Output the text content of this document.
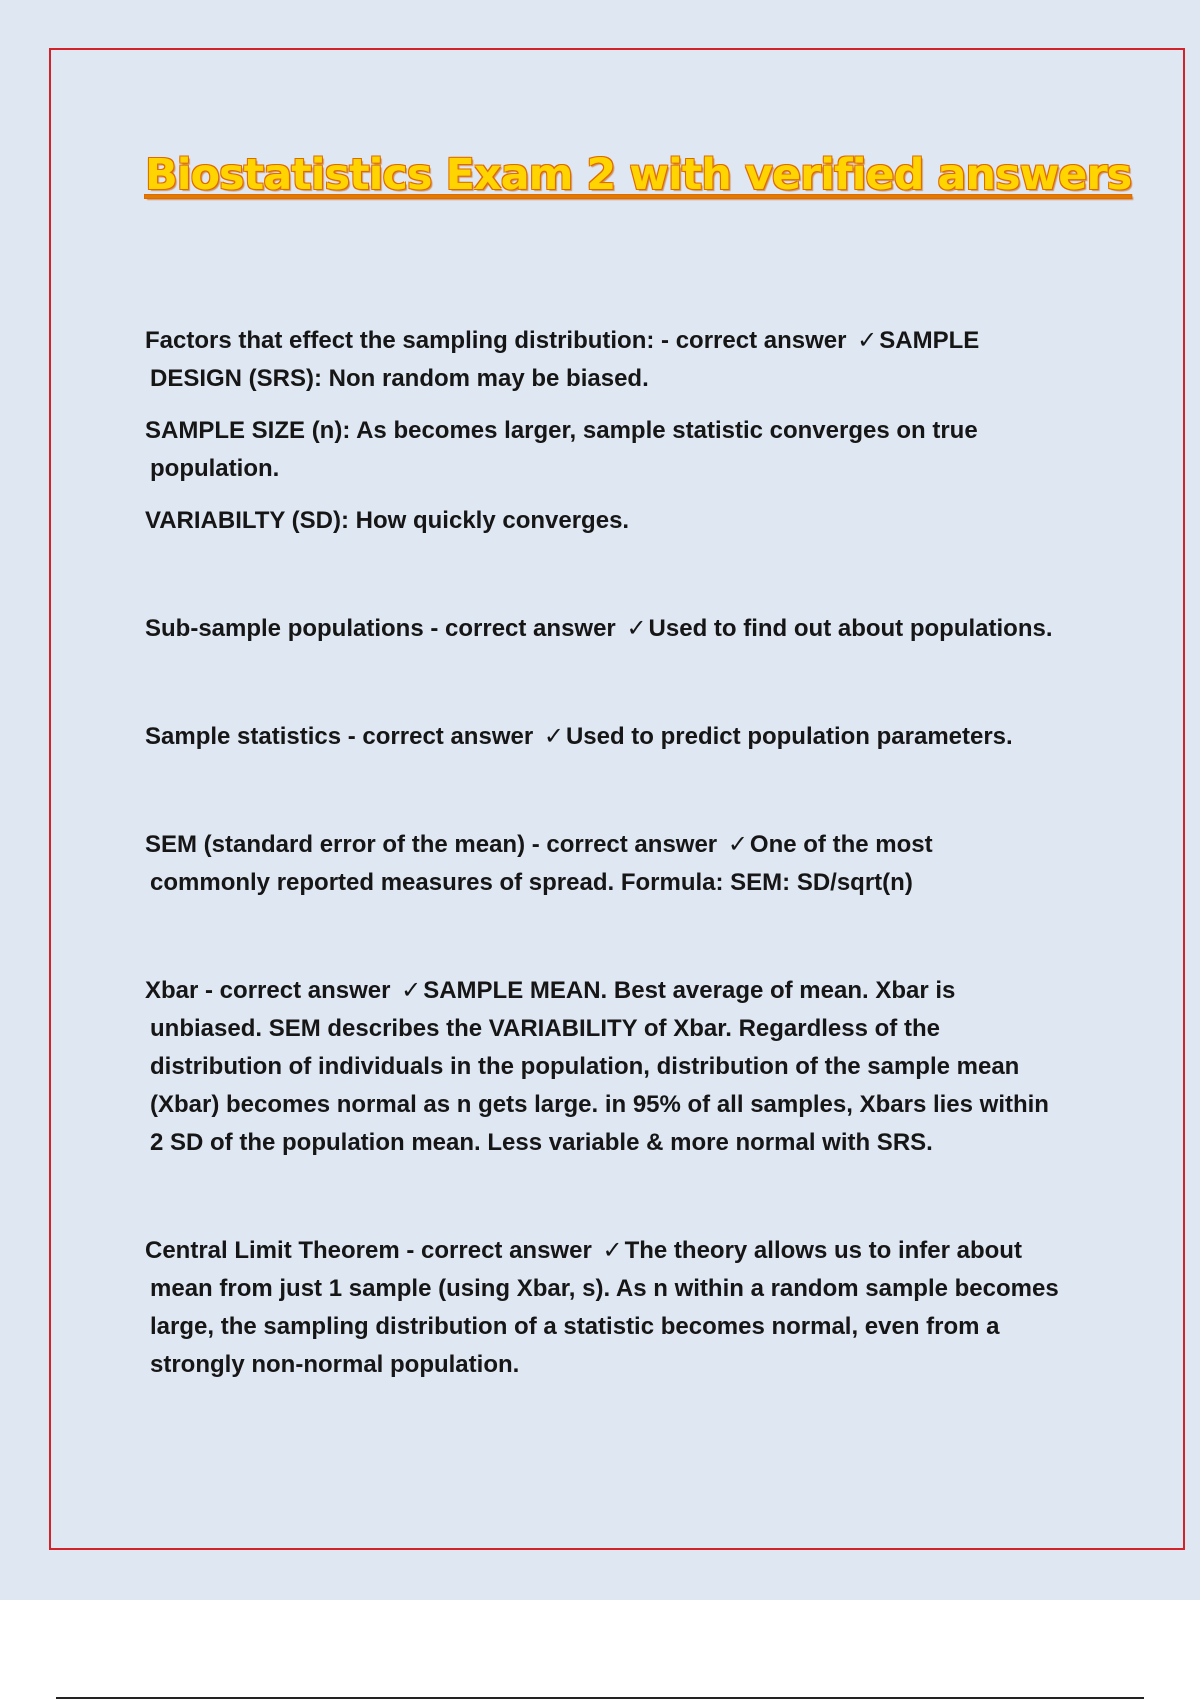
Biostatistics Exam 2 with verified answers
Factors that effect the sampling distribution: - correct answer ✓SAMPLE
DESIGN (SRS): Non random may be biased.
SAMPLE SIZE (n): As becomes larger, sample statistic converges on true
population.
VARIABILTY (SD): How quickly converges.
Sub-sample populations - correct answer ✓Used to find out about populations.
Sample statistics - correct answer ✓Used to predict population parameters.
SEM (standard error of the mean) - correct answer ✓One of the most
commonly reported measures of spread. Formula: SEM: SD/sqrt(n)
Xbar - correct answer ✓SAMPLE MEAN. Best average of mean. Xbar is
unbiased. SEM describes the VARIABILITY of Xbar. Regardless of the
distribution of individuals in the population, distribution of the sample mean
(Xbar) becomes normal as n gets large. in 95% of all samples, Xbars lies within
2 SD of the population mean. Less variable & more normal with SRS.
Central Limit Theorem - correct answer ✓The theory allows us to infer about
mean from just 1 sample (using Xbar, s). As n within a random sample becomes
large, the sampling distribution of a statistic becomes normal, even from a
strongly non-normal population.
